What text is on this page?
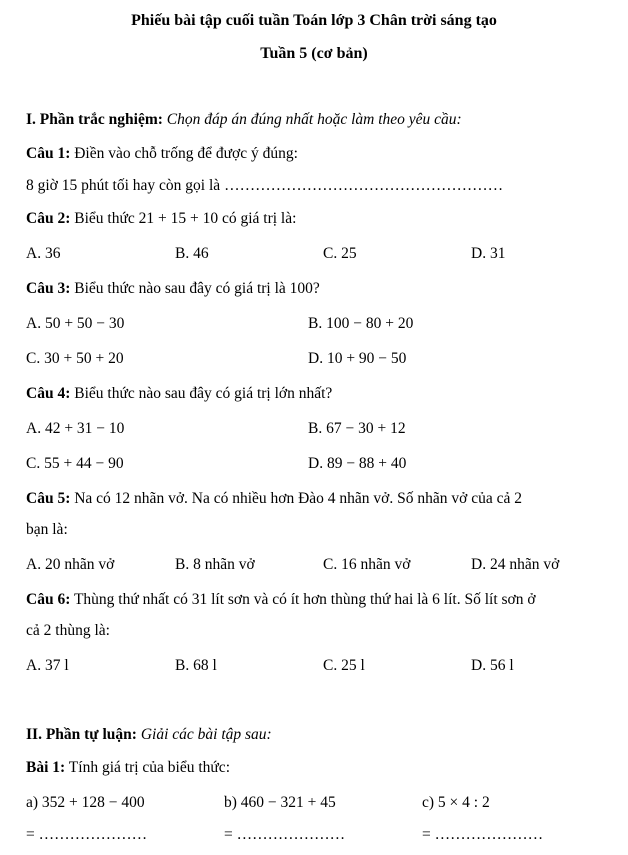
Phiếu bài tập cuối tuần Toán lớp 3 Chân trời sáng tạo
Tuần 5 (cơ bản)
I. Phần trắc nghiệm: Chọn đáp án đúng nhất hoặc làm theo yêu cầu:
Câu 1: Điền vào chỗ trống để được ý đúng:
8 giờ 15 phút tối hay còn gọi là ………………………………………………
Câu 2: Biểu thức 21 + 15 + 10 có giá trị là:
A. 36	B. 46	C. 25	D. 31
Câu 3: Biểu thức nào sau đây có giá trị là 100?
A. 50 + 50 − 30	B. 100 − 80 + 20
C. 30 + 50 + 20	D. 10 + 90 − 50
Câu 4: Biểu thức nào sau đây có giá trị lớn nhất?
A. 42 + 31 − 10	B. 67 − 30 + 12
C. 55 + 44 − 90	D. 89 − 88 + 40
Câu 5: Na có 12 nhãn vở. Na có nhiều hơn Đào 4 nhãn vở. Số nhãn vở của cả 2
bạn là:
A. 20 nhãn vở	B. 8 nhãn vở	C. 16 nhãn vở	D. 24 nhãn vở
Câu 6: Thùng thứ nhất có 31 lít sơn và có ít hơn thùng thứ hai là 6 lít. Số lít sơn ở
cả 2 thùng là:
A. 37 l	B. 68 l	C. 25 l	D. 56 l
II. Phần tự luận: Giải các bài tập sau:
Bài 1: Tính giá trị của biểu thức:
a) 352 + 128 − 400	b) 460 − 321 + 45	c) 5 × 4 : 2
= …………………	= …………………	= …………………
